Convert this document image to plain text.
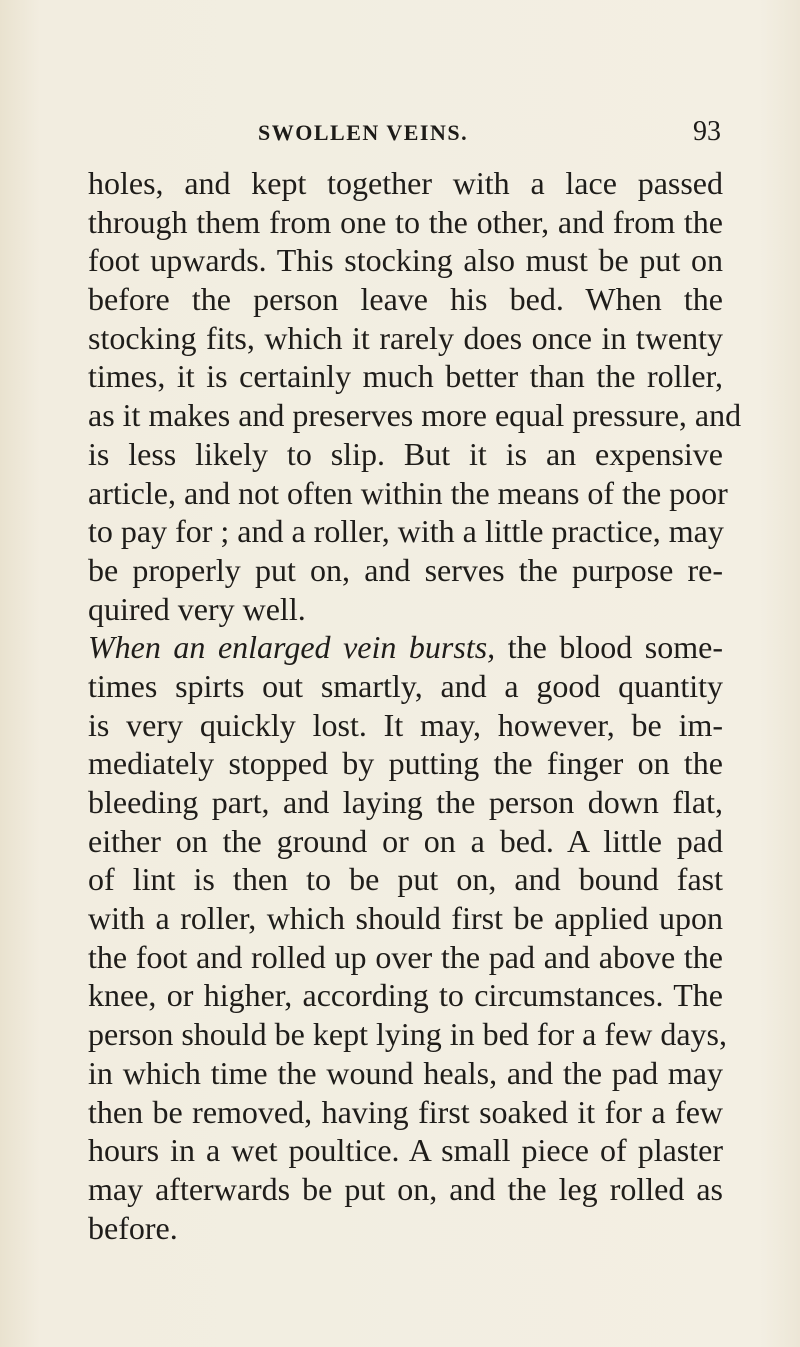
SWOLLEN VEINS.	93
holes, and kept together with a lace passed
through them from one to the other, and from the
foot upwards. This stocking also must be put on
before the person leave his bed. When the
stocking fits, which it rarely does once in twenty
times, it is certainly much better than the roller,
as it makes and preserves more equal pressure, and
is less likely to slip. But it is an expensive
article, and not often within the means of the poor
to pay for ; and a roller, with a little practice, may
be properly put on, and serves the purpose re-
quired very well.
When an enlarged vein bursts, the blood some-
times spirts out smartly, and a good quantity
is very quickly lost. It may, however, be im-
mediately stopped by putting the finger on the
bleeding part, and laying the person down flat,
either on the ground or on a bed. A little pad
of lint is then to be put on, and bound fast
with a roller, which should first be applied upon
the foot and rolled up over the pad and above the
knee, or higher, according to circumstances. The
person should be kept lying in bed for a few days,
in which time the wound heals, and the pad may
then be removed, having first soaked it for a few
hours in a wet poultice. A small piece of plaster
may afterwards be put on, and the leg rolled as
before.
